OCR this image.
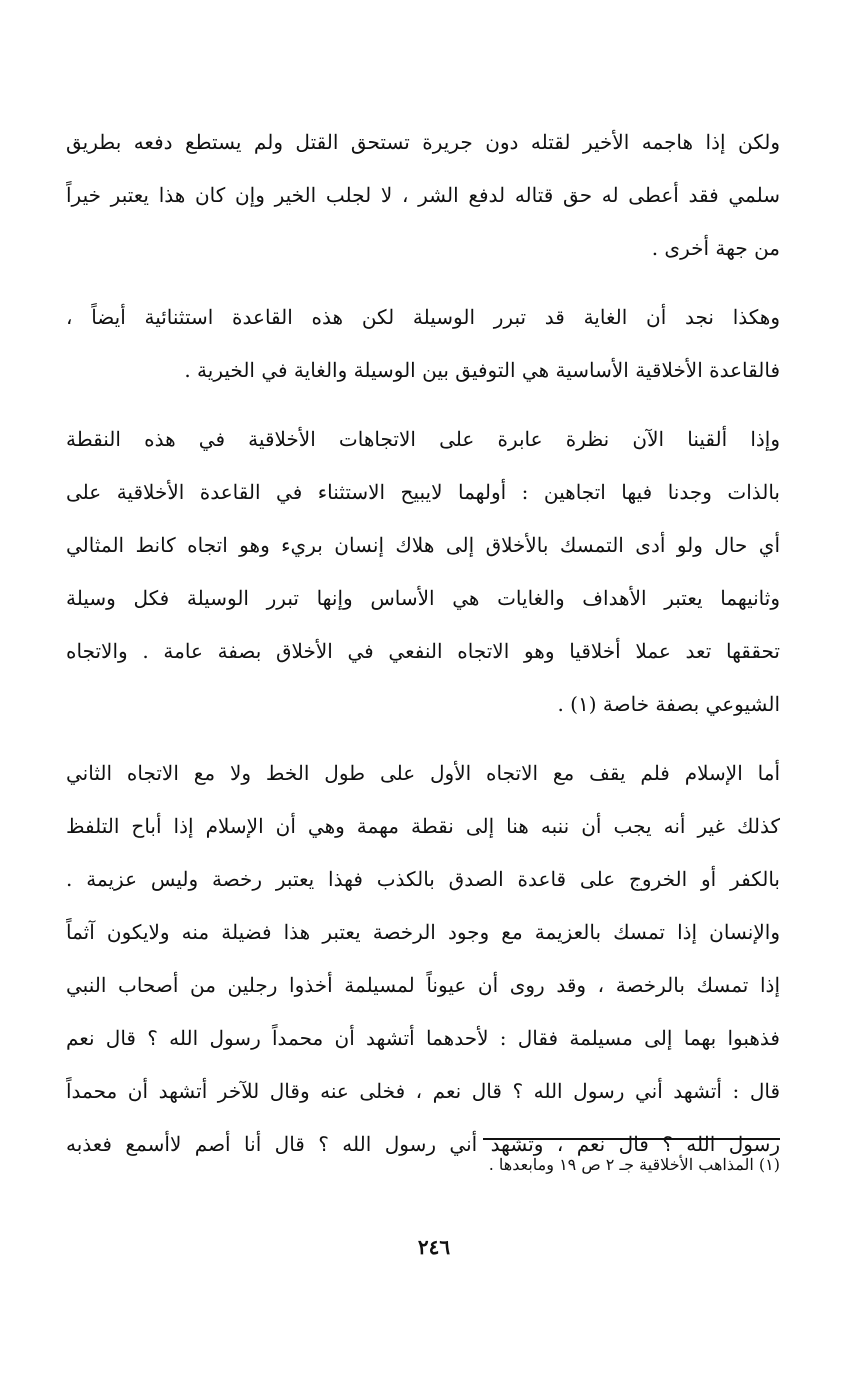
ولكن إذا هاجمه الأخير لقتله دون جريرة تستحق القتل ولم يستطع دفعه بطريق
سلمي فقد أعطى له حق قتاله لدفع الشر ، لا لجلب الخير وإن كان هذا يعتبر خيراً
من جهة أخرى .
وهكذا نجد أن الغاية قد تبرر الوسيلة لكن هذه القاعدة استثنائية أيضاً ،
فالقاعدة الأخلاقية الأساسية هي التوفيق بين الوسيلة والغاية في الخيرية .
وإذا ألقينا الآن نظرة عابرة على الاتجاهات الأخلاقية في هذه النقطة
بالذات وجدنا فيها اتجاهين : أولهما لايبيح الاستثناء في القاعدة الأخلاقية على
أي حال ولو أدى التمسك بالأخلاق إلى هلاك إنسان بريء وهو اتجاه كانط المثالي
وثانيهما يعتبر الأهداف والغايات هي الأساس وإنها تبرر الوسيلة فكل وسيلة
تحققها تعد عملا أخلاقيا وهو الاتجاه النفعي في الأخلاق بصفة عامة . والاتجاه
الشيوعي بصفة خاصة (١) .
أما الإسلام فلم يقف مع الاتجاه الأول على طول الخط ولا مع الاتجاه الثاني
كذلك غير أنه يجب أن ننبه هنا إلى نقطة مهمة وهي أن الإسلام إذا أباح التلفظ
بالكفر أو الخروج على قاعدة الصدق بالكذب فهذا يعتبر رخصة وليس عزيمة .
والإنسان إذا تمسك بالعزيمة مع وجود الرخصة يعتبر هذا فضيلة منه ولايكون آثماً
إذا تمسك بالرخصة ، وقد روى أن عيوناً لمسيلمة أخذوا رجلين من أصحاب النبي
فذهبوا بهما إلى مسيلمة فقال : لأحدهما أتشهد أن محمداً رسول الله ؟ قال نعم
قال : أتشهد أني رسول الله ؟ قال نعم ، فخلى عنه وقال للآخر أتشهد أن محمداً
رسول الله ؟ قال نعم ، وتشهد أني رسول الله ؟ قال أنا أصم لاأسمع فعذبه
(١) المذاهب الأخلاقية جـ ٢ ص ١٩ ومابعدها .
٢٤٦
